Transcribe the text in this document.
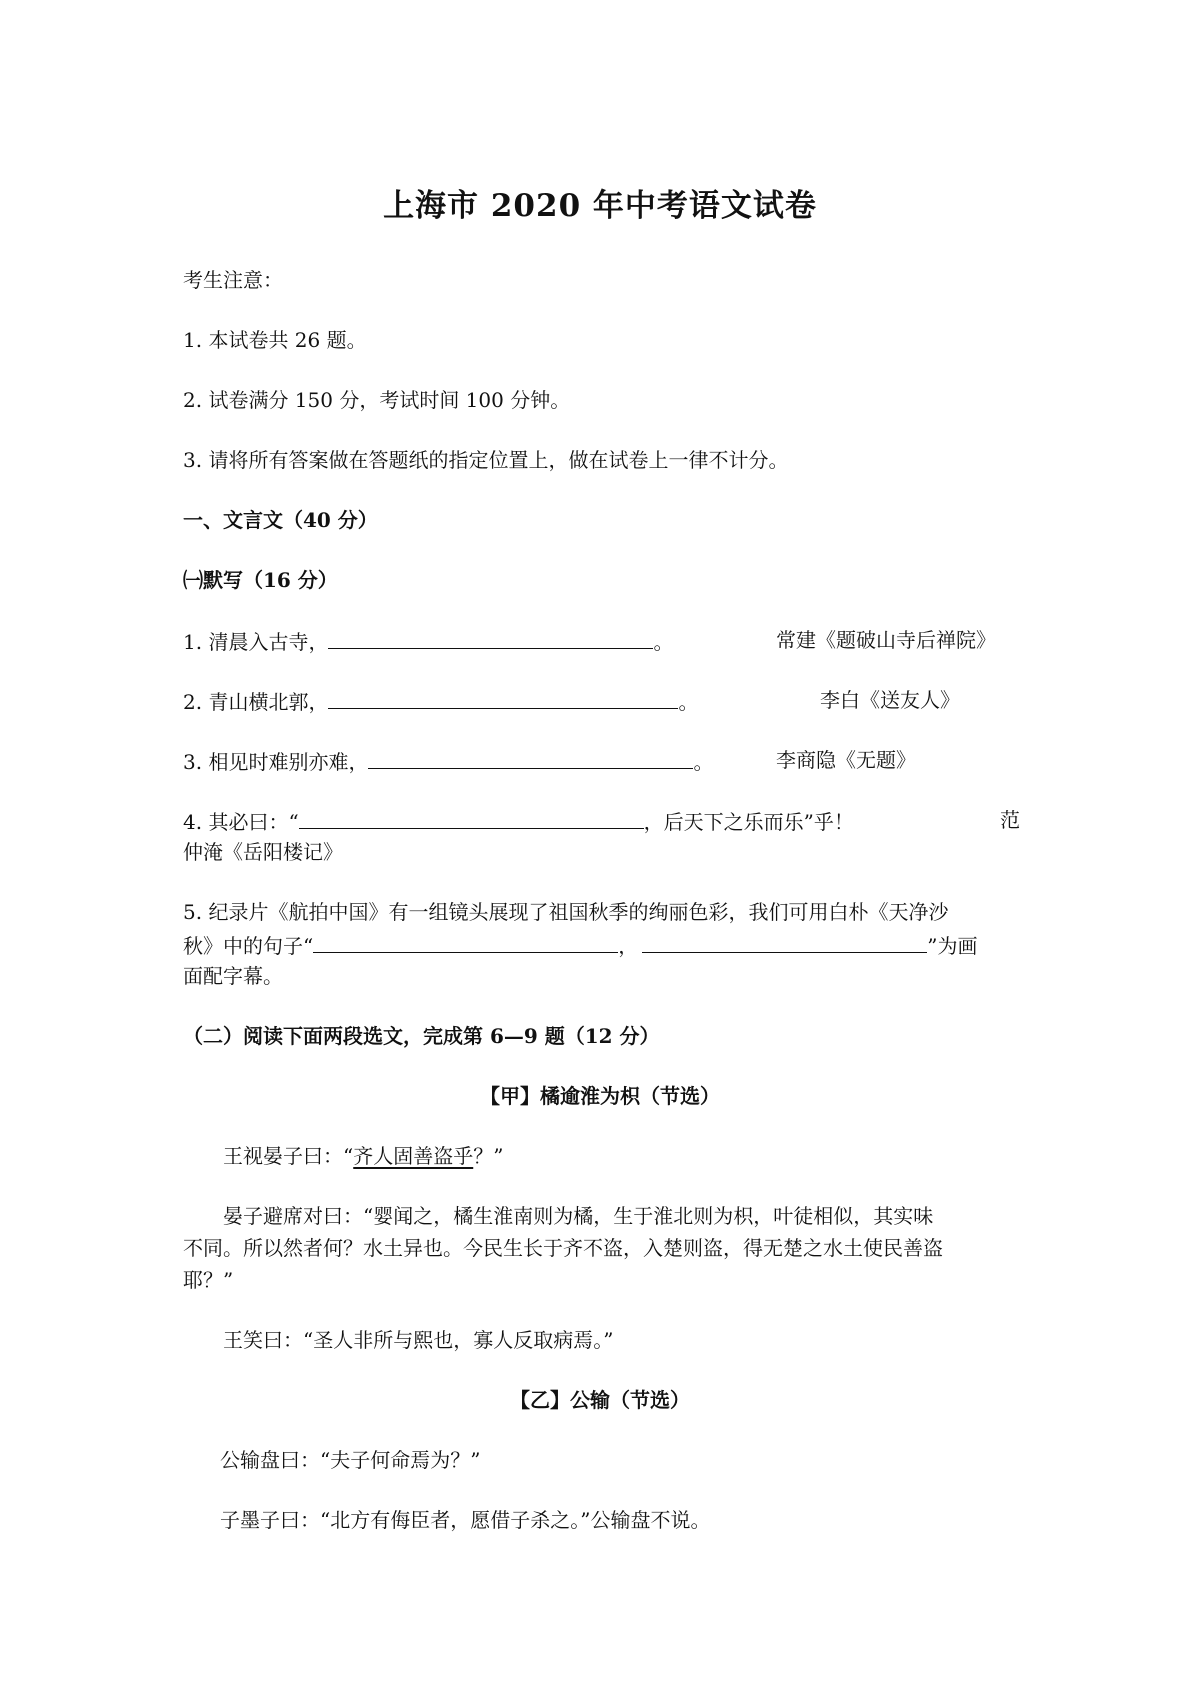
上海市 2020 年中考语文试卷
考生注意：
1. 本试卷共 26 题。
2. 试卷满分 150 分，考试时间 100 分钟。
3. 请将所有答案做在答题纸的指定位置上，做在试卷上一律不计分。
一、文言文（40 分）
㈠默写（16 分）
1. 清晨入古寺，	。	常建《题破山寺后禅院》
2. 青山横北郭，	。	李白《送友人》
3. 相见时难别亦难，	。	李商隐《无题》
4. 其必曰：“	，后天下之乐而乐”乎！	范
仲淹《岳阳楼记》
5. 纪录片《航拍中国》有一组镜头展现了祖国秋季的绚丽色彩，我们可用白朴《天净沙
秋》中的句子“	，	”为画
面配字幕。
（二）阅读下面两段选文，完成第 6—9 题（12 分）
【甲】橘逾淮为枳（节选）
王视晏子曰：“齐人固善盗乎？”
晏子避席对曰：“婴闻之，橘生淮南则为橘，生于淮北则为枳，叶徒相似，其实味
不同。所以然者何？水土异也。今民生长于齐不盗，入楚则盗，得无楚之水土使民善盗
耶？”
王笑曰：“圣人非所与熙也，寡人反取病焉。”
【乙】公输（节选）
公输盘曰：“夫子何命焉为？”
子墨子曰：“北方有侮臣者，愿借子杀之。”公输盘不说。
